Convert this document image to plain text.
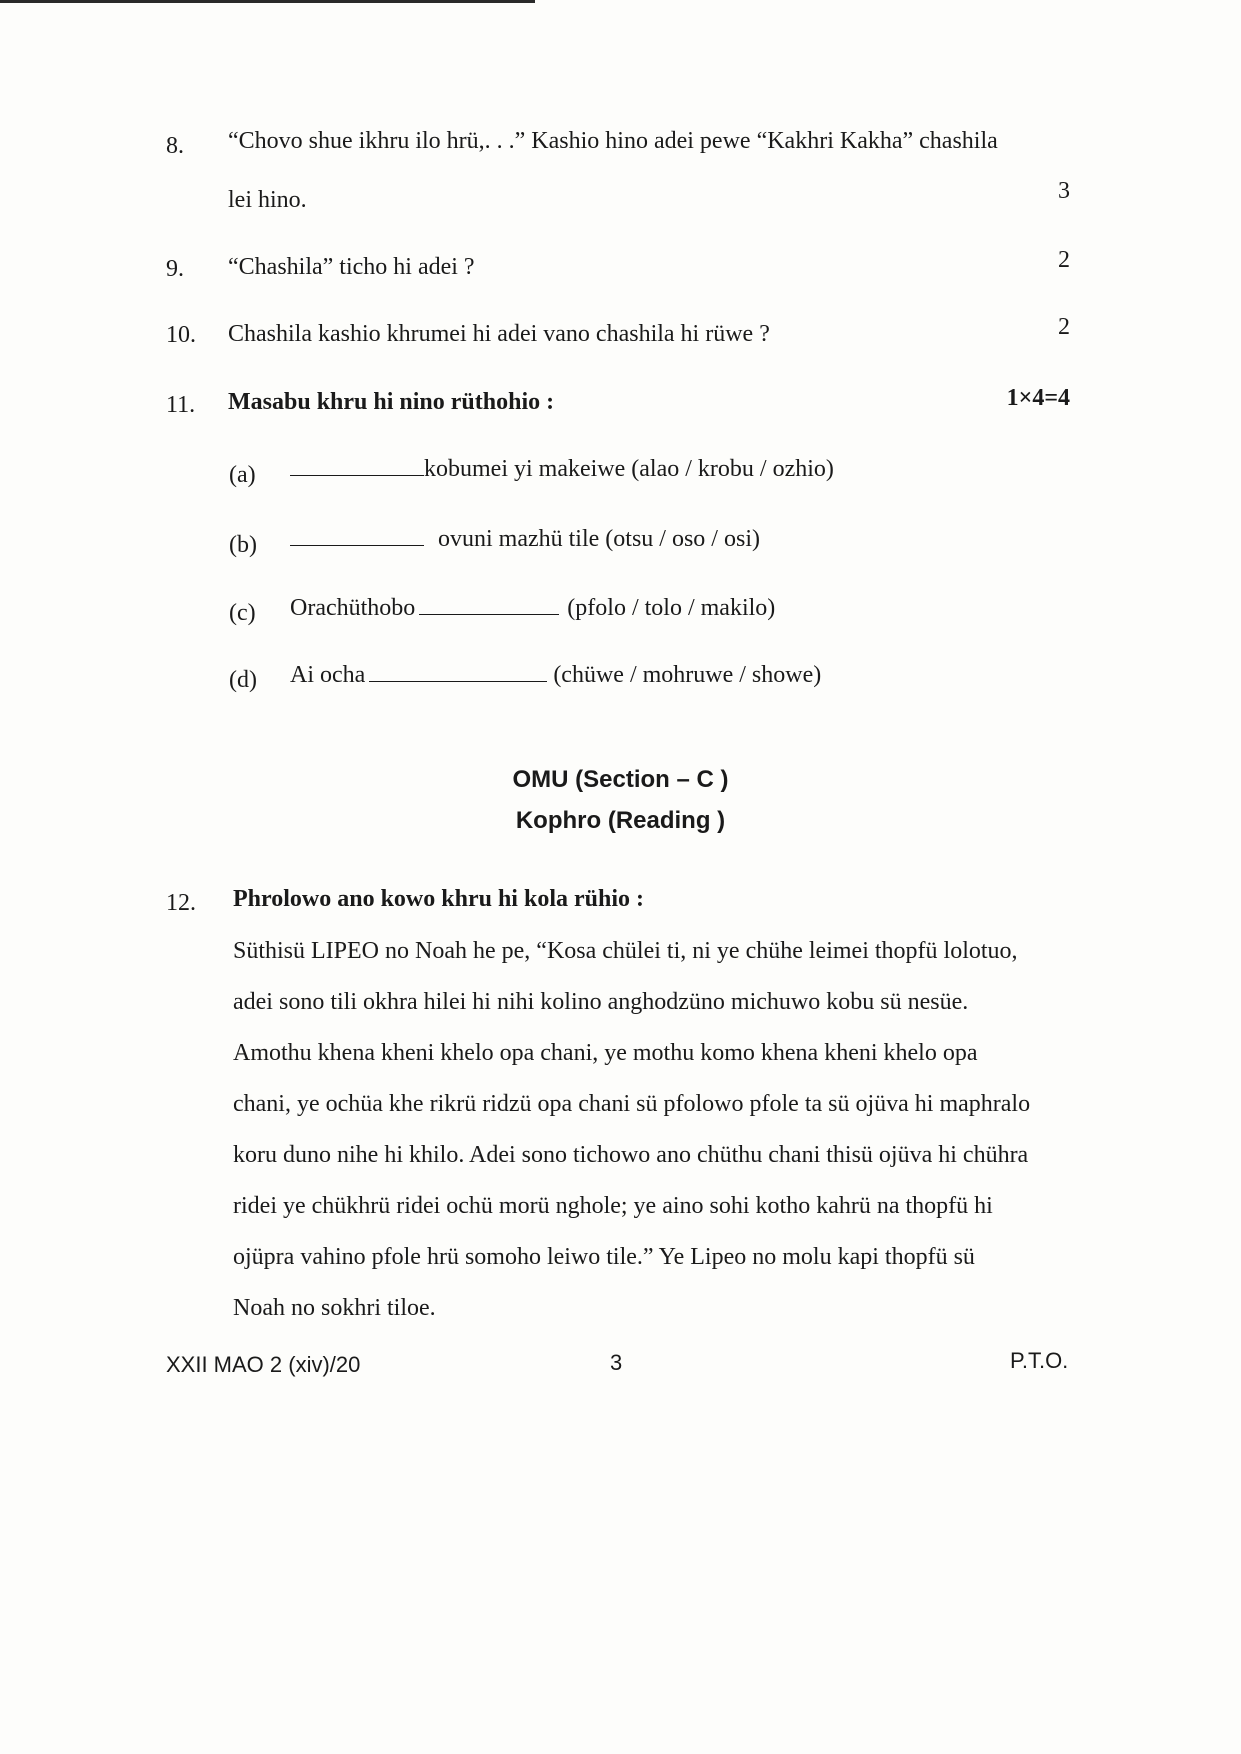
8. “Chovo shue ikhru ilo hrü,. . .” Kashio hino adei pewe “Kakhri Kakha” chashila
lei hino.	3
9. “Chashila” ticho hi adei ?	2
10. Chashila kashio khrumei hi adei vano chashila hi rüwe ?	2
11. Masabu khru hi nino rüthohio :	1×4=4
(a)	kobumei yi makeiwe (alao / krobu / ozhio)
(b)	ovuni mazhü tile (otsu / oso / osi)
(c) Orachüthobo	(pfolo / tolo / makilo)
(d) Ai ocha	(chüwe / mohruwe / showe)
OMU (Section – C )
Kophro (Reading )
12. Phrolowo ano kowo khru hi kola rühio :
Süthisü LIPEO no Noah he pe, “Kosa chülei ti, ni ye chühe leimei thopfü lolotuo,
adei sono tili okhra hilei hi nihi kolino anghodzüno michuwo kobu sü nesüe.
Amothu khena kheni khelo opa chani, ye mothu komo khena kheni khelo opa
chani, ye ochüa khe rikrü ridzü opa chani sü pfolowo pfole ta sü ojüva hi maphralo
koru duno nihe hi khilo. Adei sono tichowo ano chüthu chani thisü ojüva hi chühra
ridei ye chükhrü ridei ochü morü nghole; ye aino sohi kotho kahrü na thopfü hi
ojüpra vahino pfole hrü somoho leiwo tile.” Ye Lipeo no molu kapi thopfü sü
Noah no sokhri tiloe.
XXII MAO 2 (xiv)/20	3	P.T.O.
